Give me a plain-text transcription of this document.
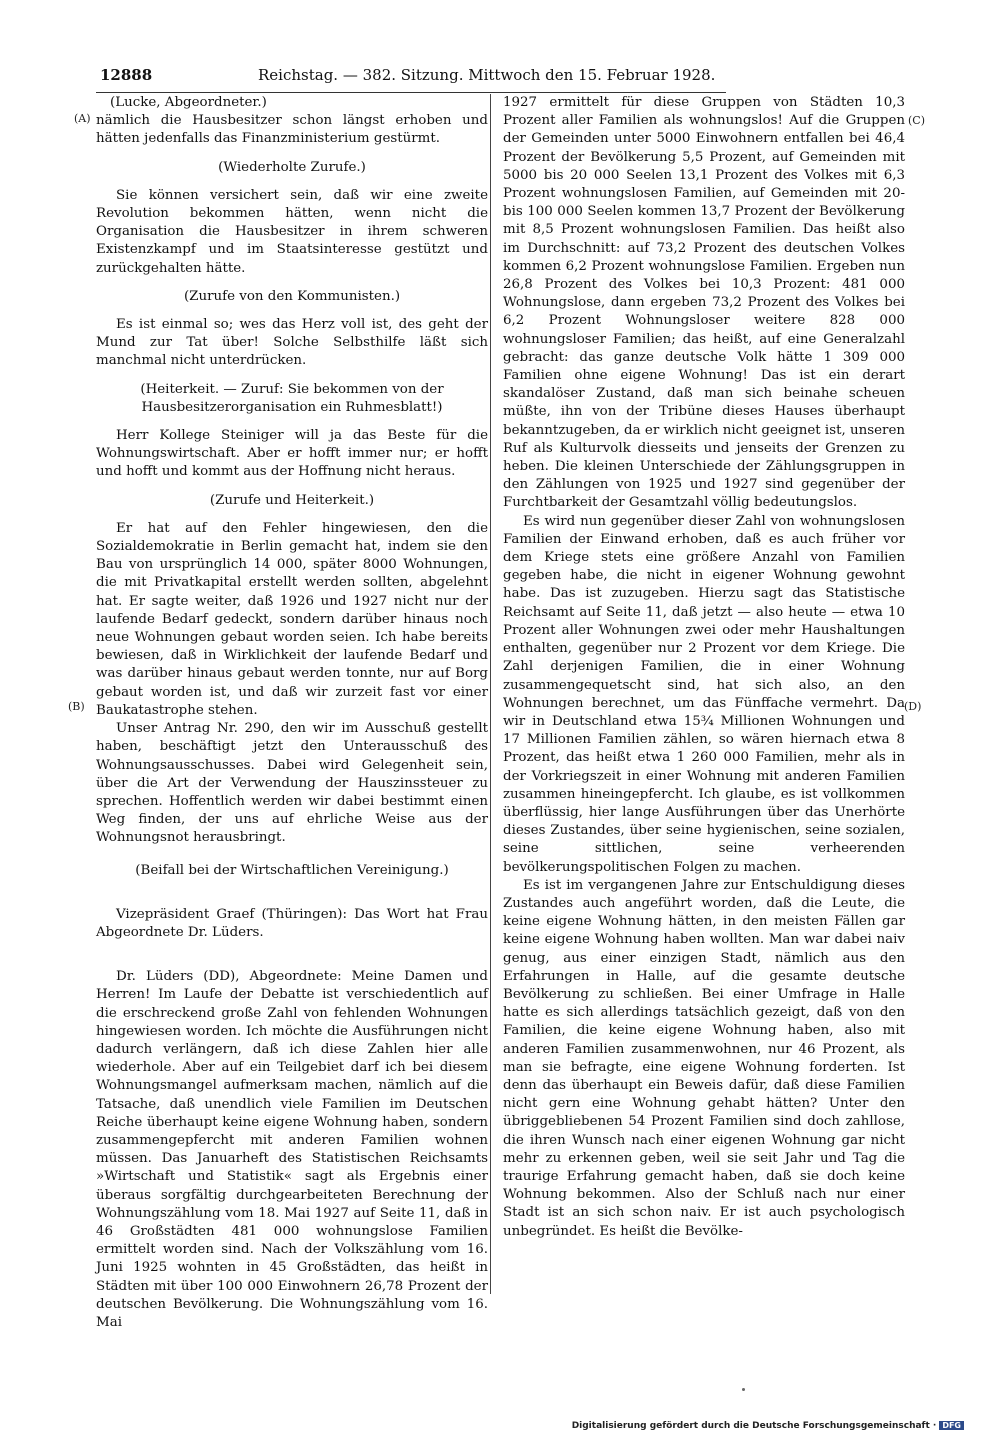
12888	Reichstag. — 382. Sitzung. Mittwoch den 15. Februar 1928.
(A)
(B)
(C)
(D)

(Lucke, Abgeordneter.)

nämlich die Hausbesitzer schon längst erhoben und hätten jedenfalls das Finanzministerium gestürmt.

(Wiederholte Zurufe.)

Sie können versichert sein, daß wir eine zweite Revolution bekommen hätten, wenn nicht die Organisation die Hausbesitzer in ihrem schweren Existenzkampf und im Staatsinteresse gestützt und zurückgehalten hätte.

(Zurufe von den Kommunisten.)

Es ist einmal so; wes das Herz voll ist, des geht der Mund zur Tat über! Solche Selbsthilfe läßt sich manchmal nicht unterdrücken.

(Heiterkeit. — Zuruf: Sie bekommen von der Hausbesitzerorganisation ein Ruhmesblatt!)

Herr Kollege Steiniger will ja das Beste für die Wohnungswirtschaft. Aber er hofft immer nur; er hofft und hofft und kommt aus der Hoffnung nicht heraus.

(Zurufe und Heiterkeit.)

Er hat auf den Fehler hingewiesen, den die Sozialdemokratie in Berlin gemacht hat, indem sie den Bau von ursprünglich 14 000, später 8000 Wohnungen, die mit Privatkapital erstellt werden sollten, abgelehnt hat. Er sagte weiter, daß 1926 und 1927 nicht nur der laufende Bedarf gedeckt, sondern darüber hinaus noch neue Wohnungen gebaut worden seien. Ich habe bereits bewiesen, daß in Wirklichkeit der laufende Bedarf und was darüber hinaus gebaut werden tonnte, nur auf Borg gebaut worden ist, und daß wir zurzeit fast vor einer Baukatastrophe stehen.

Unser Antrag Nr. 290, den wir im Ausschuß gestellt haben, beschäftigt jetzt den Unterausschuß des Wohnungsausschusses. Dabei wird Gelegenheit sein, über die Art der Verwendung der Hauszinssteuer zu sprechen. Hoffentlich werden wir dabei bestimmt einen Weg finden, der uns auf ehrliche Weise aus der Wohnungsnot herausbringt.

(Beifall bei der Wirtschaftlichen Vereinigung.)

Vizepräsident Graef (Thüringen): Das Wort hat Frau Abgeordnete Dr. Lüders.

Dr. Lüders (DD), Abgeordnete: Meine Damen und Herren! Im Laufe der Debatte ist verschiedentlich auf die erschreckend große Zahl von fehlenden Wohnungen hingewiesen worden. Ich möchte die Ausführungen nicht dadurch verlängern, daß ich diese Zahlen hier alle wiederhole. Aber auf ein Teilgebiet darf ich bei diesem Wohnungsmangel aufmerksam machen, nämlich auf die Tatsache, daß unendlich viele Familien im Deutschen Reiche überhaupt keine eigene Wohnung haben, sondern zusammengepfercht mit anderen Familien wohnen müssen. Das Januarheft des Statistischen Reichsamts »Wirtschaft und Statistik« sagt als Ergebnis einer überaus sorgfältig durchgearbeiteten Berechnung der Wohnungszählung vom 18. Mai 1927 auf Seite 11, daß in 46 Großstädten 481 000 wohnungslose Familien ermittelt worden sind. Nach der Volkszählung vom 16. Juni 1925 wohnten in 45 Großstädten, das heißt in Städten mit über 100 000 Einwohnern 26,78 Prozent der deutschen Bevölkerung. Die Wohnungszählung vom 16. Mai

1927 ermittelt für diese Gruppen von Städten 10,3 Prozent aller Familien als wohnungslos! Auf die Gruppen der Gemeinden unter 5000 Einwohnern entfallen bei 46,4 Prozent der Bevölkerung 5,5 Prozent, auf Gemeinden mit 5000 bis 20 000 Seelen 13,1 Prozent des Volkes mit 6,3 Prozent wohnungslosen Familien, auf Gemeinden mit 20- bis 100 000 Seelen kommen 13,7 Prozent der Bevölkerung mit 8,5 Prozent wohnungslosen Familien. Das heißt also im Durchschnitt: auf 73,2 Prozent des deutschen Volkes kommen 6,2 Prozent wohnungslose Familien. Ergeben nun 26,8 Prozent des Volkes bei 10,3 Prozent: 481 000 Wohnungslose, dann ergeben 73,2 Prozent des Volkes bei 6,2 Prozent Wohnungsloser weitere 828 000 wohnungsloser Familien; das heißt, auf eine Generalzahl gebracht: das ganze deutsche Volk hätte 1 309 000 Familien ohne eigene Wohnung! Das ist ein derart skandalöser Zustand, daß man sich beinahe scheuen müßte, ihn von der Tribüne dieses Hauses überhaupt bekanntzugeben, da er wirklich nicht geeignet ist, unseren Ruf als Kulturvolk diesseits und jenseits der Grenzen zu heben. Die kleinen Unterschiede der Zählungsgruppen in den Zählungen von 1925 und 1927 sind gegenüber der Furchtbarkeit der Gesamtzahl völlig bedeutungslos.

Es wird nun gegenüber dieser Zahl von wohnungslosen Familien der Einwand erhoben, daß es auch früher vor dem Kriege stets eine größere Anzahl von Familien gegeben habe, die nicht in eigener Wohnung gewohnt habe. Das ist zuzugeben. Hierzu sagt das Statistische Reichsamt auf Seite 11, daß jetzt — also heute — etwa 10 Prozent aller Wohnungen zwei oder mehr Haushaltungen enthalten, gegenüber nur 2 Prozent vor dem Kriege. Die Zahl derjenigen Familien, die in einer Wohnung zusammengequetscht sind, hat sich also, an den Wohnungen berechnet, um das Fünffache vermehrt. Da wir in Deutschland etwa 15¾ Millionen Wohnungen und 17 Millionen Familien zählen, so wären hiernach etwa 8 Prozent, das heißt etwa 1 260 000 Familien, mehr als in der Vorkriegszeit in einer Wohnung mit anderen Familien zusammen hineingepfercht. Ich glaube, es ist vollkommen überflüssig, hier lange Ausführungen über das Unerhörte dieses Zustandes, über seine hygienischen, seine sozialen, seine sittlichen, seine verheerenden bevölkerungspolitischen Folgen zu machen.

Es ist im vergangenen Jahre zur Entschuldigung dieses Zustandes auch angeführt worden, daß die Leute, die keine eigene Wohnung hätten, in den meisten Fällen gar keine eigene Wohnung haben wollten. Man war dabei naiv genug, aus einer einzigen Stadt, nämlich aus den Erfahrungen in Halle, auf die gesamte deutsche Bevölkerung zu schließen. Bei einer Umfrage in Halle hatte es sich allerdings tatsächlich gezeigt, daß von den Familien, die keine eigene Wohnung haben, also mit anderen Familien zusammenwohnen, nur 46 Prozent, als man sie befragte, eine eigene Wohnung forderten. Ist denn das überhaupt ein Beweis dafür, daß diese Familien nicht gern eine Wohnung gehabt hätten? Unter den übriggebliebenen 54 Prozent Familien sind doch zahllose, die ihren Wunsch nach einer eigenen Wohnung gar nicht mehr zu erkennen geben, weil sie seit Jahr und Tag die traurige Erfahrung gemacht haben, daß sie doch keine Wohnung bekommen. Also der Schluß nach nur einer Stadt ist an sich schon naiv. Er ist auch psychologisch unbegründet. Es heißt die Bevölke-

Digitalisierung gefördert durch die Deutsche Forschungsgemeinschaft · DFG
